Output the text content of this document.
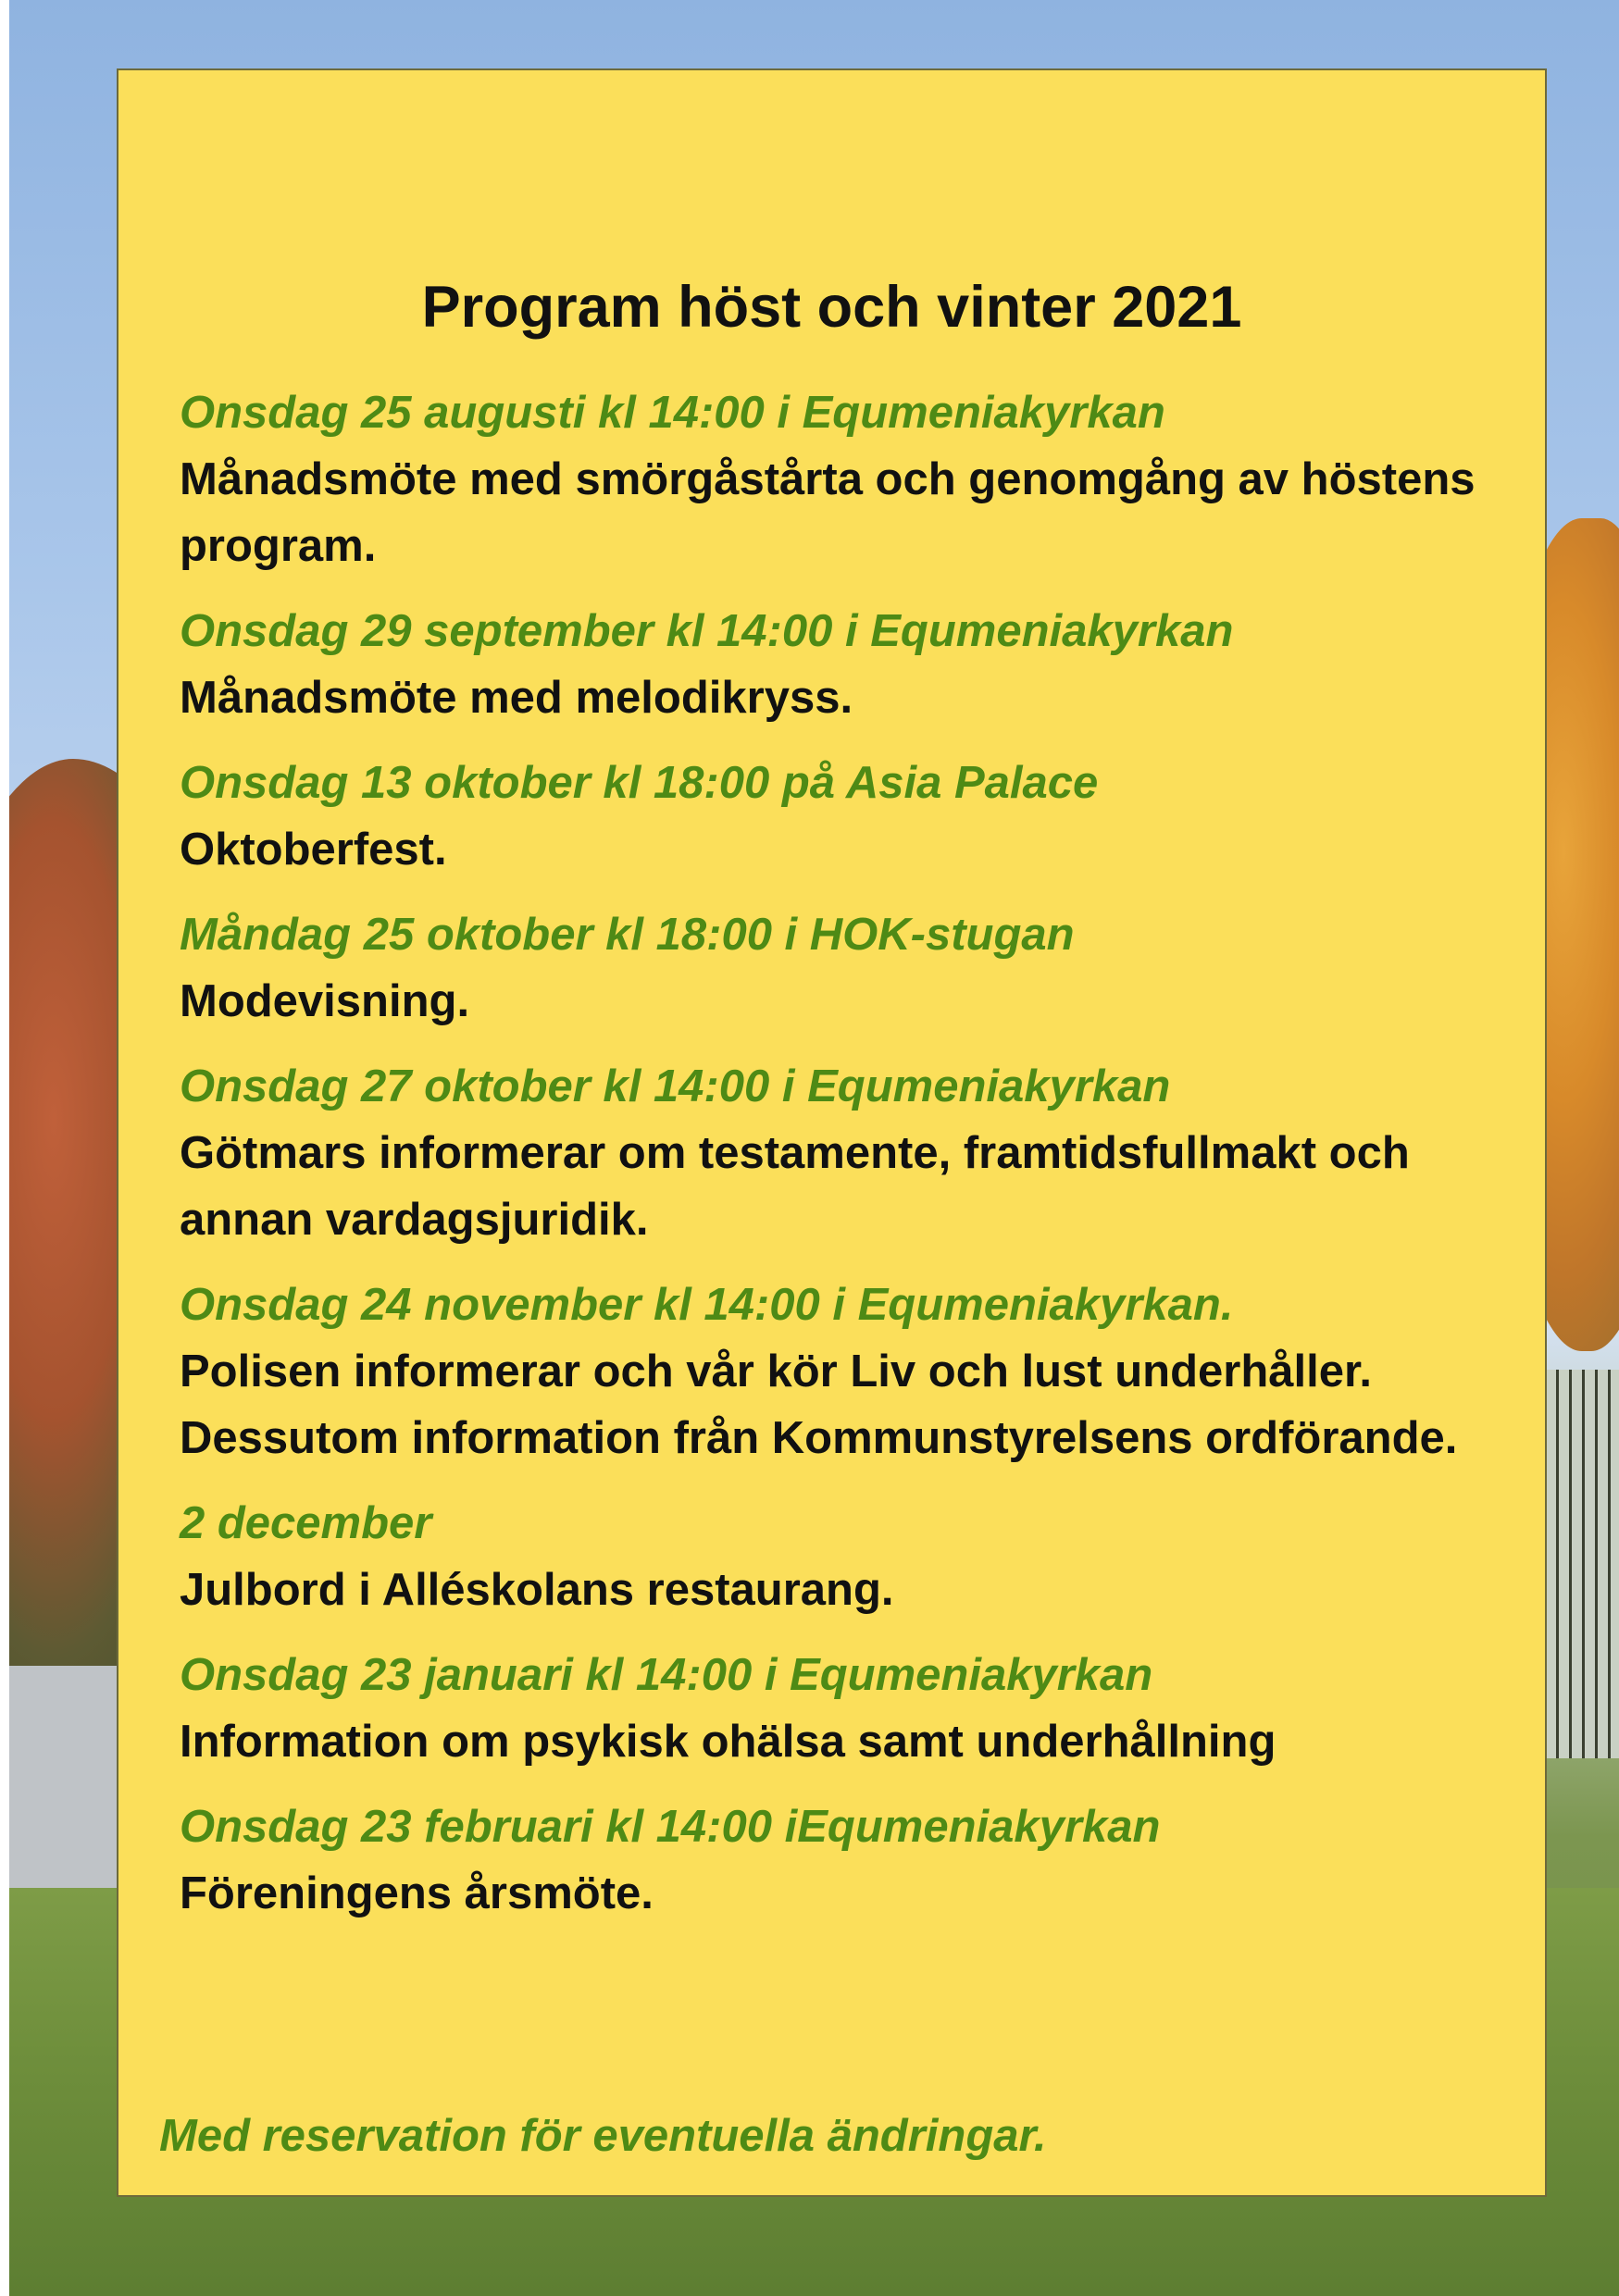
Program höst och vinter 2021
Onsdag 25 augusti kl 14:00 i Equmeniakyrkan
Månadsmöte med smörgåstårta och genomgång av höstens program.
Onsdag 29 september kl 14:00 i Equmeniakyrkan
Månadsmöte med melodikryss.
Onsdag 13 oktober kl 18:00 på Asia Palace
Oktoberfest.
Måndag 25 oktober kl 18:00 i HOK-stugan
Modevisning.
Onsdag 27 oktober kl 14:00 i Equmeniakyrkan
Götmars informerar om testamente, framtidsfullmakt och annan vardagsjuridik.
Onsdag 24 november kl 14:00 i Equmeniakyrkan.
Polisen informerar och vår kör Liv och lust underhåller. Dessutom information från Kommunstyrelsens ordförande.
2 december
Julbord i Alléskolans restaurang.
Onsdag 23 januari kl 14:00 i Equmeniakyrkan
Information om psykisk ohälsa samt underhållning
Onsdag 23 februari kl 14:00 iEqumeniakyrkan
Föreningens årsmöte.
Med reservation för eventuella ändringar.
